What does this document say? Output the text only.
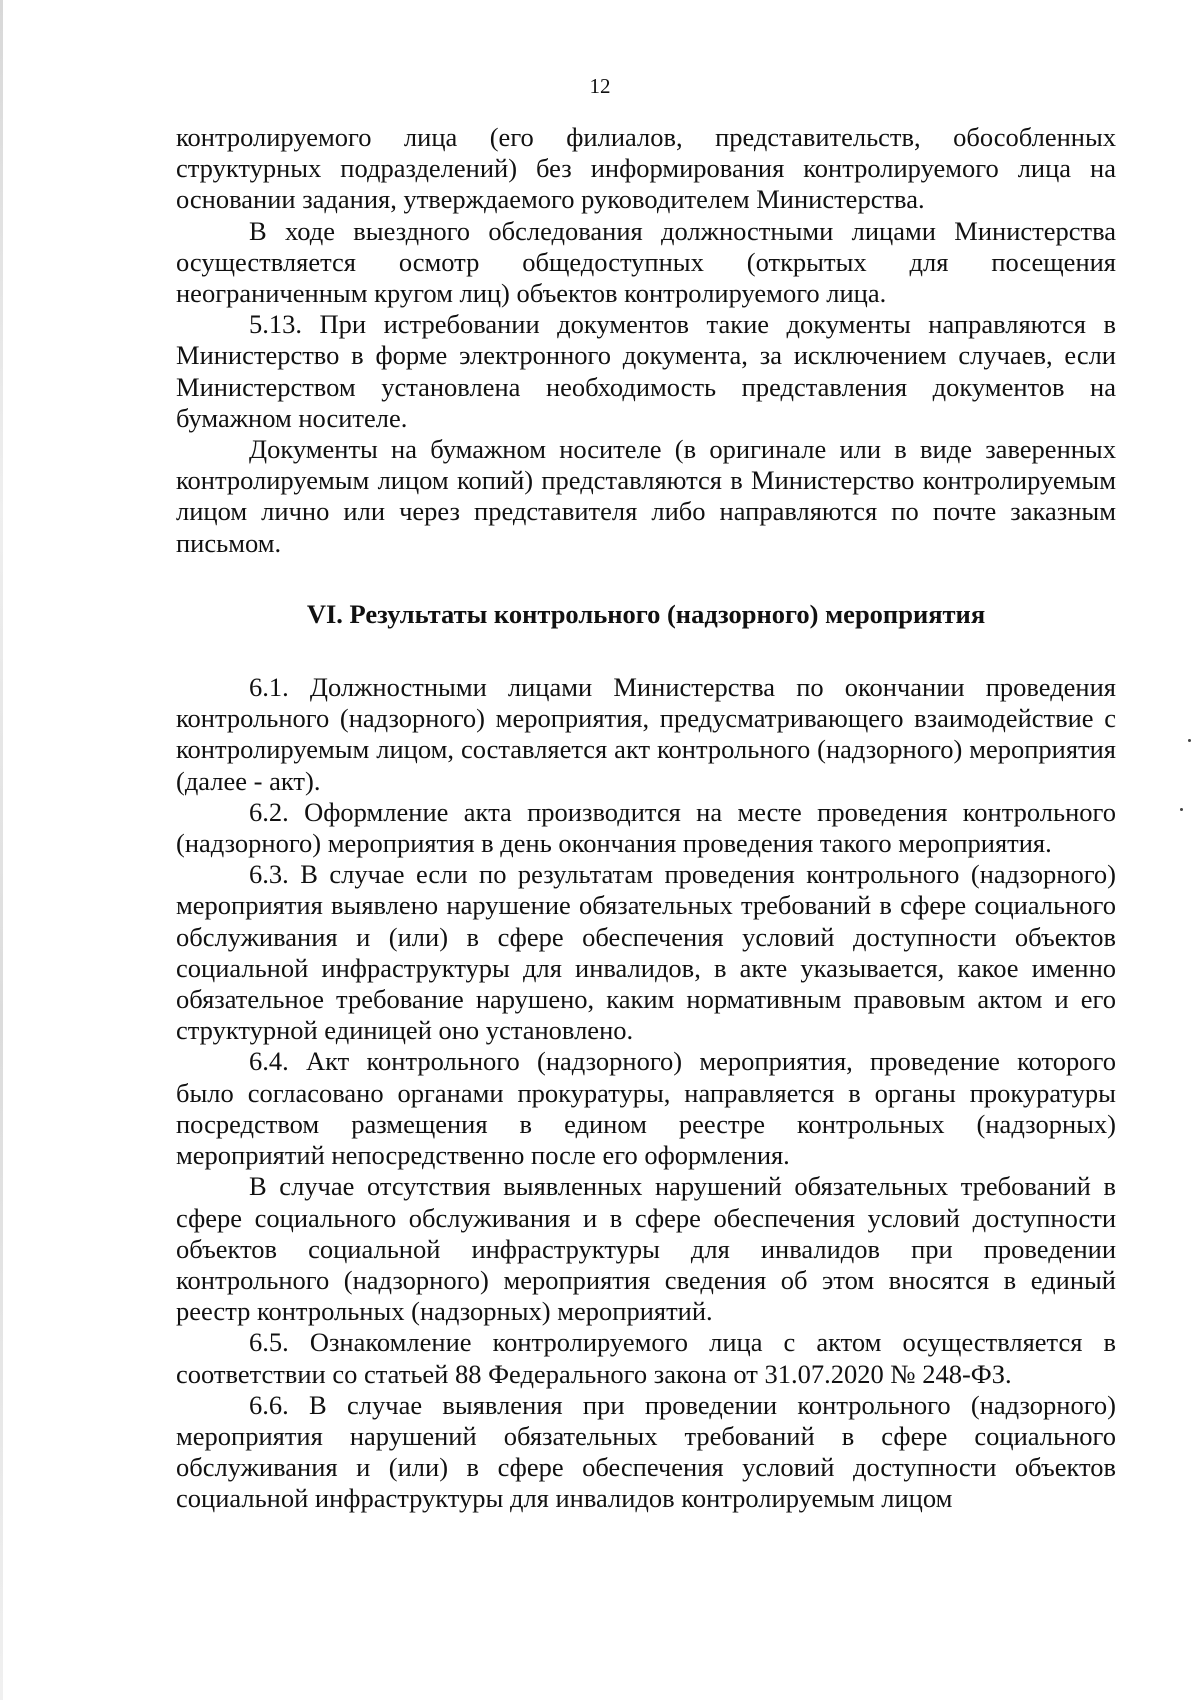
12

контролируемого лица (его филиалов, представительств, обособленных структурных подразделений) без информирования контролируемого лица на основании задания, утверждаемого руководителем Министерства.

В ходе выездного обследования должностными лицами Министерства осуществляется осмотр общедоступных (открытых для посещения неограниченным кругом лиц) объектов контролируемого лица.

5.13. При истребовании документов такие документы направляются в Министерство в форме электронного документа, за исключением случаев, если Министерством установлена необходимость представления документов на бумажном носителе.

Документы на бумажном носителе (в оригинале или в виде заверенных контролируемым лицом копий) представляются в Министерство контролируемым лицом лично или через представителя либо направляются по почте заказным письмом.

VI. Результаты контрольного (надзорного) мероприятия

6.1. Должностными лицами Министерства по окончании проведения контрольного (надзорного) мероприятия, предусматривающего взаимодействие с контролируемым лицом, составляется акт контрольного (надзорного) мероприятия (далее - акт).

6.2. Оформление акта производится на месте проведения контрольного (надзорного) мероприятия в день окончания проведения такого мероприятия.

6.3. В случае если по результатам проведения контрольного (надзорного) мероприятия выявлено нарушение обязательных требований в сфере социального обслуживания и (или) в сфере обеспечения условий доступности объектов социальной инфраструктуры для инвалидов, в акте указывается, какое именно обязательное требование нарушено, каким нормативным правовым актом и его структурной единицей оно установлено.

6.4. Акт контрольного (надзорного) мероприятия, проведение которого было согласовано органами прокуратуры, направляется в органы прокуратуры посредством размещения в едином реестре контрольных (надзорных) мероприятий непосредственно после его оформления.

В случае отсутствия выявленных нарушений обязательных требований в сфере социального обслуживания и в сфере обеспечения условий доступности объектов социальной инфраструктуры для инвалидов при проведении контрольного (надзорного) мероприятия сведения об этом вносятся в единый реестр контрольных (надзорных) мероприятий.

6.5. Ознакомление контролируемого лица с актом осуществляется в соответствии со статьей 88 Федерального закона от 31.07.2020 № 248-ФЗ.

6.6. В случае выявления при проведении контрольного (надзорного) мероприятия нарушений обязательных требований в сфере социального обслуживания и (или) в сфере обеспечения условий доступности объектов социальной инфраструктуры для инвалидов контролируемым лицом
